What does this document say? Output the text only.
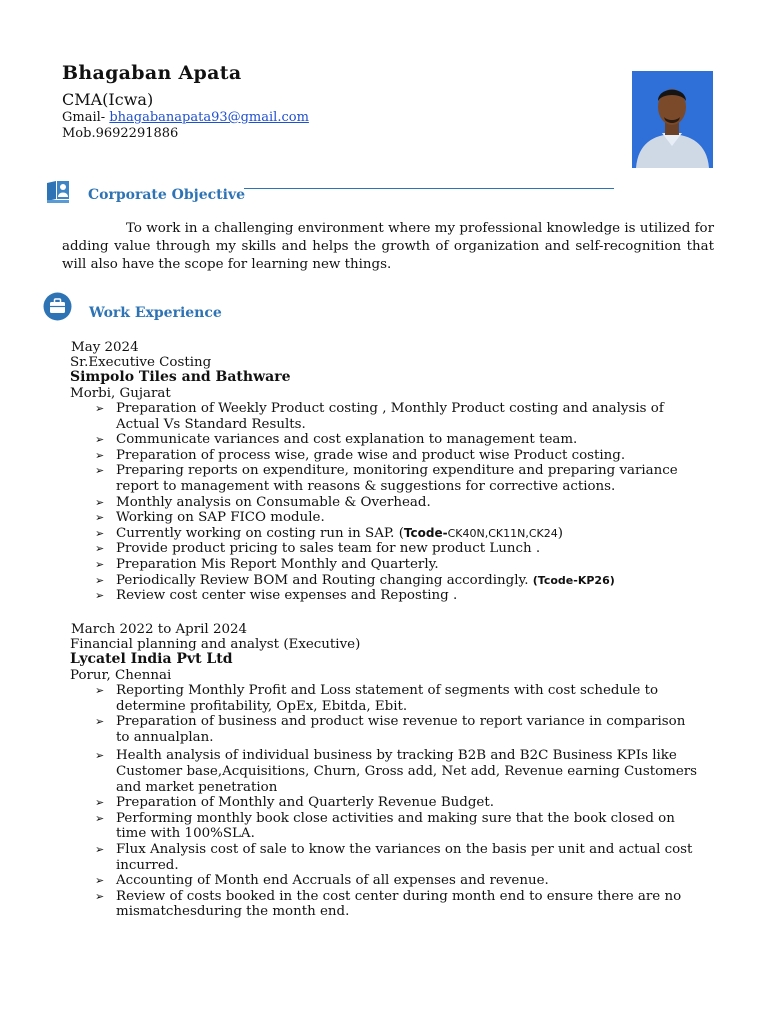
Bhagaban Apata
CMA(Icwa)
Gmail- bhagabanapata93@gmail.com
Mob.9692291886
Corporate Objective
To work in a challenging environment where my professional knowledge is utilized for adding value through my skills and helps the growth of organization and self-recognition that will also have the scope for learning new things.
Work Experience
May 2024
Sr.Executive Costing
Simpolo Tiles and Bathware
Morbi, Gujarat
➢ Preparation of Weekly Product costing , Monthly Product costing and analysis of Actual Vs Standard Results.
➢ Communicate variances and cost explanation to management team.
➢ Preparation of process wise, grade wise and product wise Product costing.
➢ Preparing reports on expenditure, monitoring expenditure and preparing variance report to management with reasons & suggestions for corrective actions.
➢ Monthly analysis on Consumable & Overhead.
➢ Working on SAP FICO module.
➢ Currently working on costing run in SAP. (Tcode-CK40N,CK11N,CK24)
➢ Provide product pricing to sales team for new product Lunch .
➢ Preparation Mis Report Monthly and Quarterly.
➢ Periodically Review BOM and Routing changing accordingly. (Tcode-KP26)
➢ Review cost center wise expenses and Reposting .
March 2022 to April 2024
Financial planning and analyst (Executive)
Lycatel India Pvt Ltd
Porur, Chennai
➢ Reporting Monthly Profit and Loss statement of segments with cost schedule to determine profitability, OpEx, Ebitda, Ebit.
➢ Preparation of business and product wise revenue to report variance in comparison to annualplan.
➢ Health analysis of individual business by tracking B2B and B2C Business KPIs like Customer base,Acquisitions, Churn, Gross add, Net add, Revenue earning Customers and market penetration
➢ Preparation of Monthly and Quarterly Revenue Budget.
➢ Performing monthly book close activities and making sure that the book closed on time with 100%SLA.
➢ Flux Analysis cost of sale to know the variances on the basis per unit and actual cost incurred.
➢ Accounting of Month end Accruals of all expenses and revenue.
➢ Review of costs booked in the cost center during month end to ensure there are no mismatchesduring the month end.
